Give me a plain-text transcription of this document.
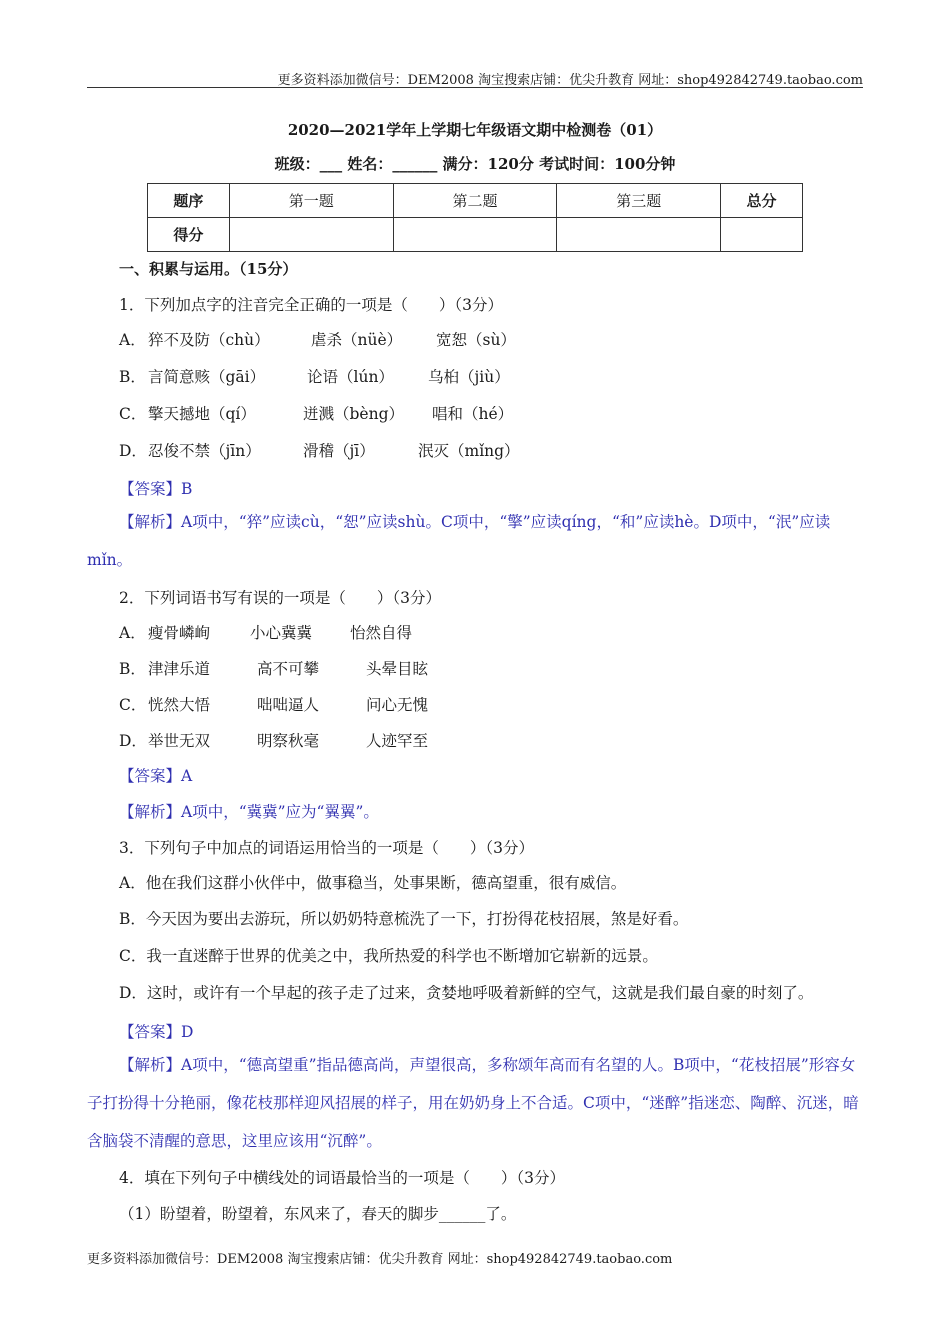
更多资料添加微信号：DEM2008 淘宝搜索店铺：优尖升教育 网址：shop492842749.taobao.com
2020—2021学年上学期七年级语文期中检测卷（01）
班级：___ 姓名：______ 满分：120分 考试时间：100分钟
题序	第一题	第二题	第三题	总分
得分				
一、积累与运用。（15分）
1．下列加点字的注音完全正确的一项是（　　）（3分）
A． 猝不及防（chù）	虐杀（nüè） 宽恕（sù）
B． 言简意赅（gāi）	论语（lún） 乌桕（jiù）
C． 擎天撼地（qí）	迸溅（bèng） 唱和（hé）
D． 忍俊不禁（jīn）	滑稽（jī）	泯灭（mǐng）
【答案】B
【解析】A项中，“猝”应读cù，“恕”应读shù。C项中，“擎”应读qíng，“和”应读hè。D项中，“泯”应读mǐn。
2．下列词语书写有误的一项是（　　）（3分）
A． 瘦骨嶙峋	小心冀冀 怡然自得
B． 津津乐道	高不可攀	头晕目眩
C． 恍然大悟	咄咄逼人	问心无愧
D． 举世无双	明察秋毫	人迹罕至
【答案】A
【解析】A项中，“冀冀”应为“翼翼”。
3．下列句子中加点的词语运用恰当的一项是（　　）（3分）
A．他在我们这群小伙伴中，做事稳当，处事果断，德高望重，很有威信。
B．今天因为要出去游玩，所以奶奶特意梳洗了一下，打扮得花枝招展，煞是好看。
C．我一直迷醉于世界的优美之中，我所热爱的科学也不断增加它崭新的远景。
D．这时，或许有一个早起的孩子走了过来，贪婪地呼吸着新鲜的空气，这就是我们最自豪的时刻了。
【答案】D
【解析】A项中，“德高望重”指品德高尚，声望很高，多称颂年高而有名望的人。B项中，“花枝招展”形容女子打扮得十分艳丽，像花枝那样迎风招展的样子，用在奶奶身上不合适。C项中，“迷醉”指迷恋、陶醉、沉迷，暗含脑袋不清醒的意思，这里应该用“沉醉”。
4．填在下列句子中横线处的词语最恰当的一项是（　　）（3分）
（1）盼望着，盼望着，东风来了，春天的脚步______了。
更多资料添加微信号：DEM2008 淘宝搜索店铺：优尖升教育 网址：shop492842749.taobao.com
